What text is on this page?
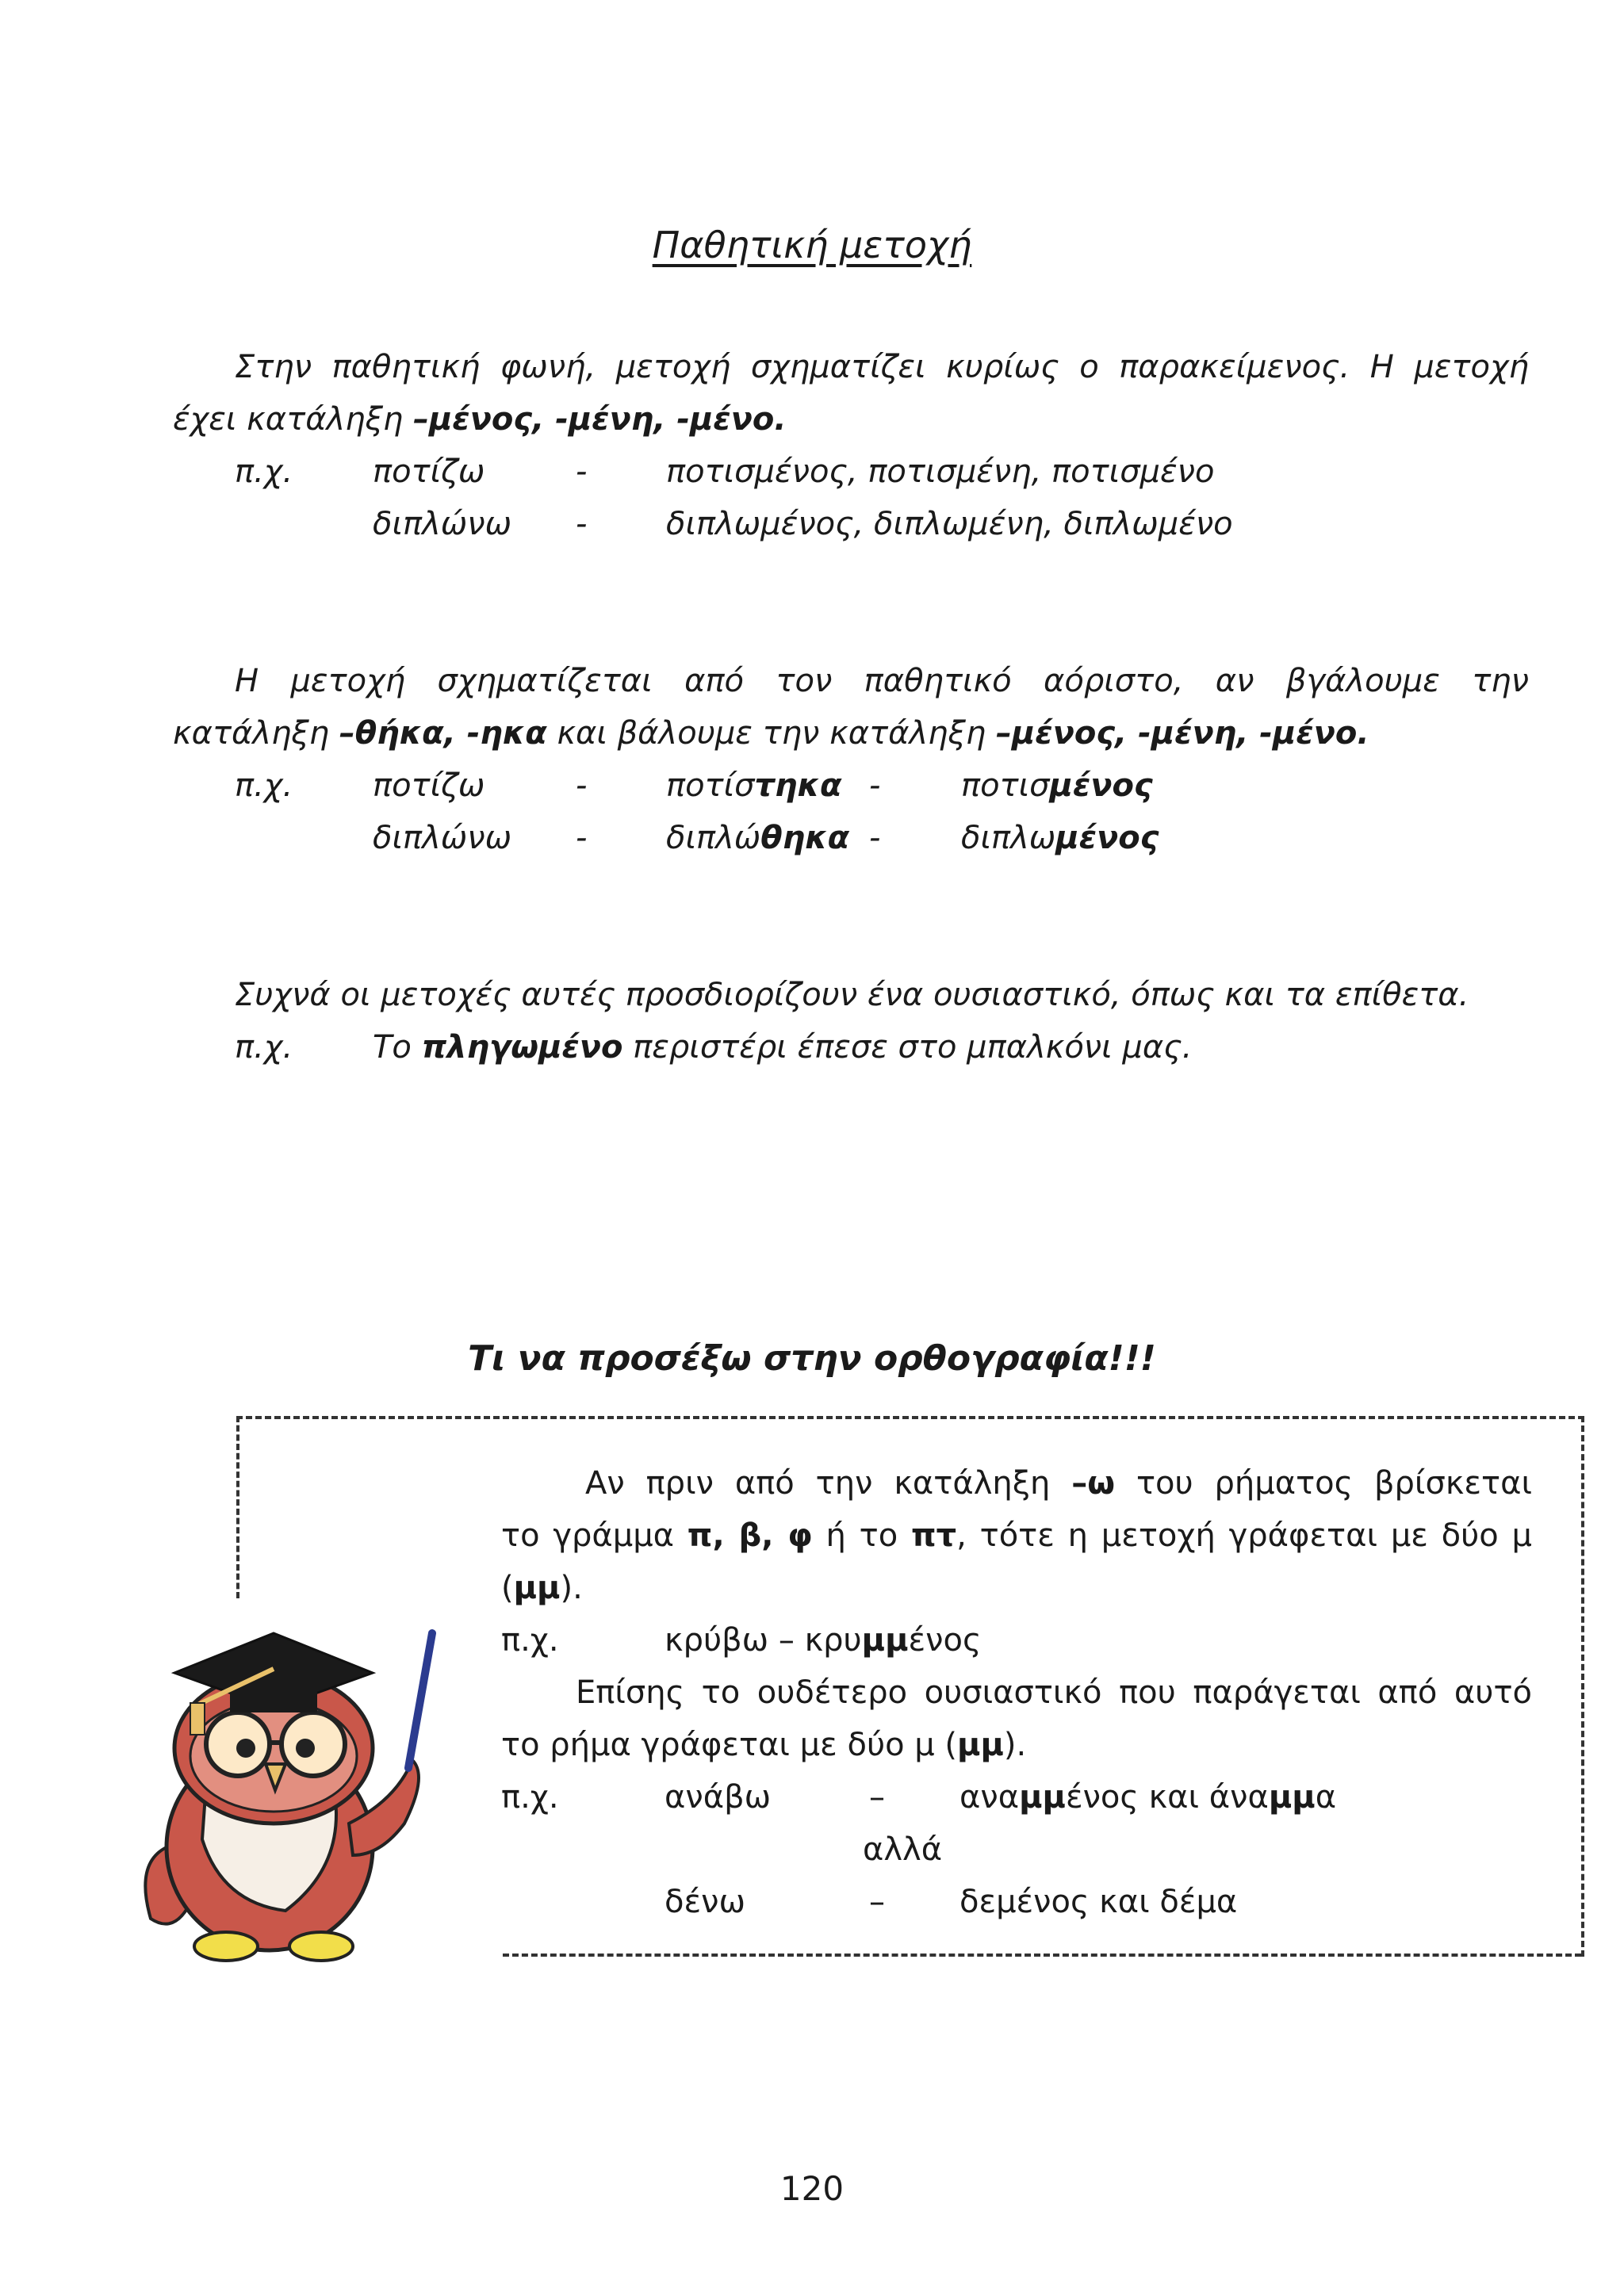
Παθητική μετοχή
Στην παθητική φωνή, μετοχή σχηματίζει κυρίως ο παρακείμενος. Η μετοχή
έχει κατάληξη –μένος, -μένη, -μένο.
π.χ.	ποτίζω	- ποτισμένος, ποτισμένη, ποτισμένο
διπλώνω - διπλωμένος, διπλωμένη, διπλωμένο
Η μετοχή σχηματίζεται από τον παθητικό αόριστο, αν βγάλουμε την
κατάληξη –θήκα, -ηκα και βάλουμε την κατάληξη –μένος, -μένη, -μένο.
π.χ.	ποτίζω	- ποτίστηκα -	ποτισμένος
διπλώνω - διπλώθηκα -	διπλωμένος
Συχνά οι μετοχές αυτές προσδιορίζουν ένα ουσιαστικό, όπως και τα επίθετα.
π.χ.	Το πληγωμένο περιστέρι έπεσε στο μπαλκόνι μας.
Τι να προσέξω στην ορθογραφία!!!
Αν πριν από την κατάληξη –ω του ρήματος βρίσκεται
το γράμμα π, β, φ ή το πτ, τότε η μετοχή γράφεται με δύο μ
(μμ).
π.χ.	κρύβω – κρυμμένος
Επίσης το ουδέτερο ουσιαστικό που παράγεται από αυτό
το ρήμα γράφεται με δύο μ (μμ).
π.χ.	ανάβω	– αναμμένος και άναμμα
αλλά
δένω	– δεμένος και δέμα
120
